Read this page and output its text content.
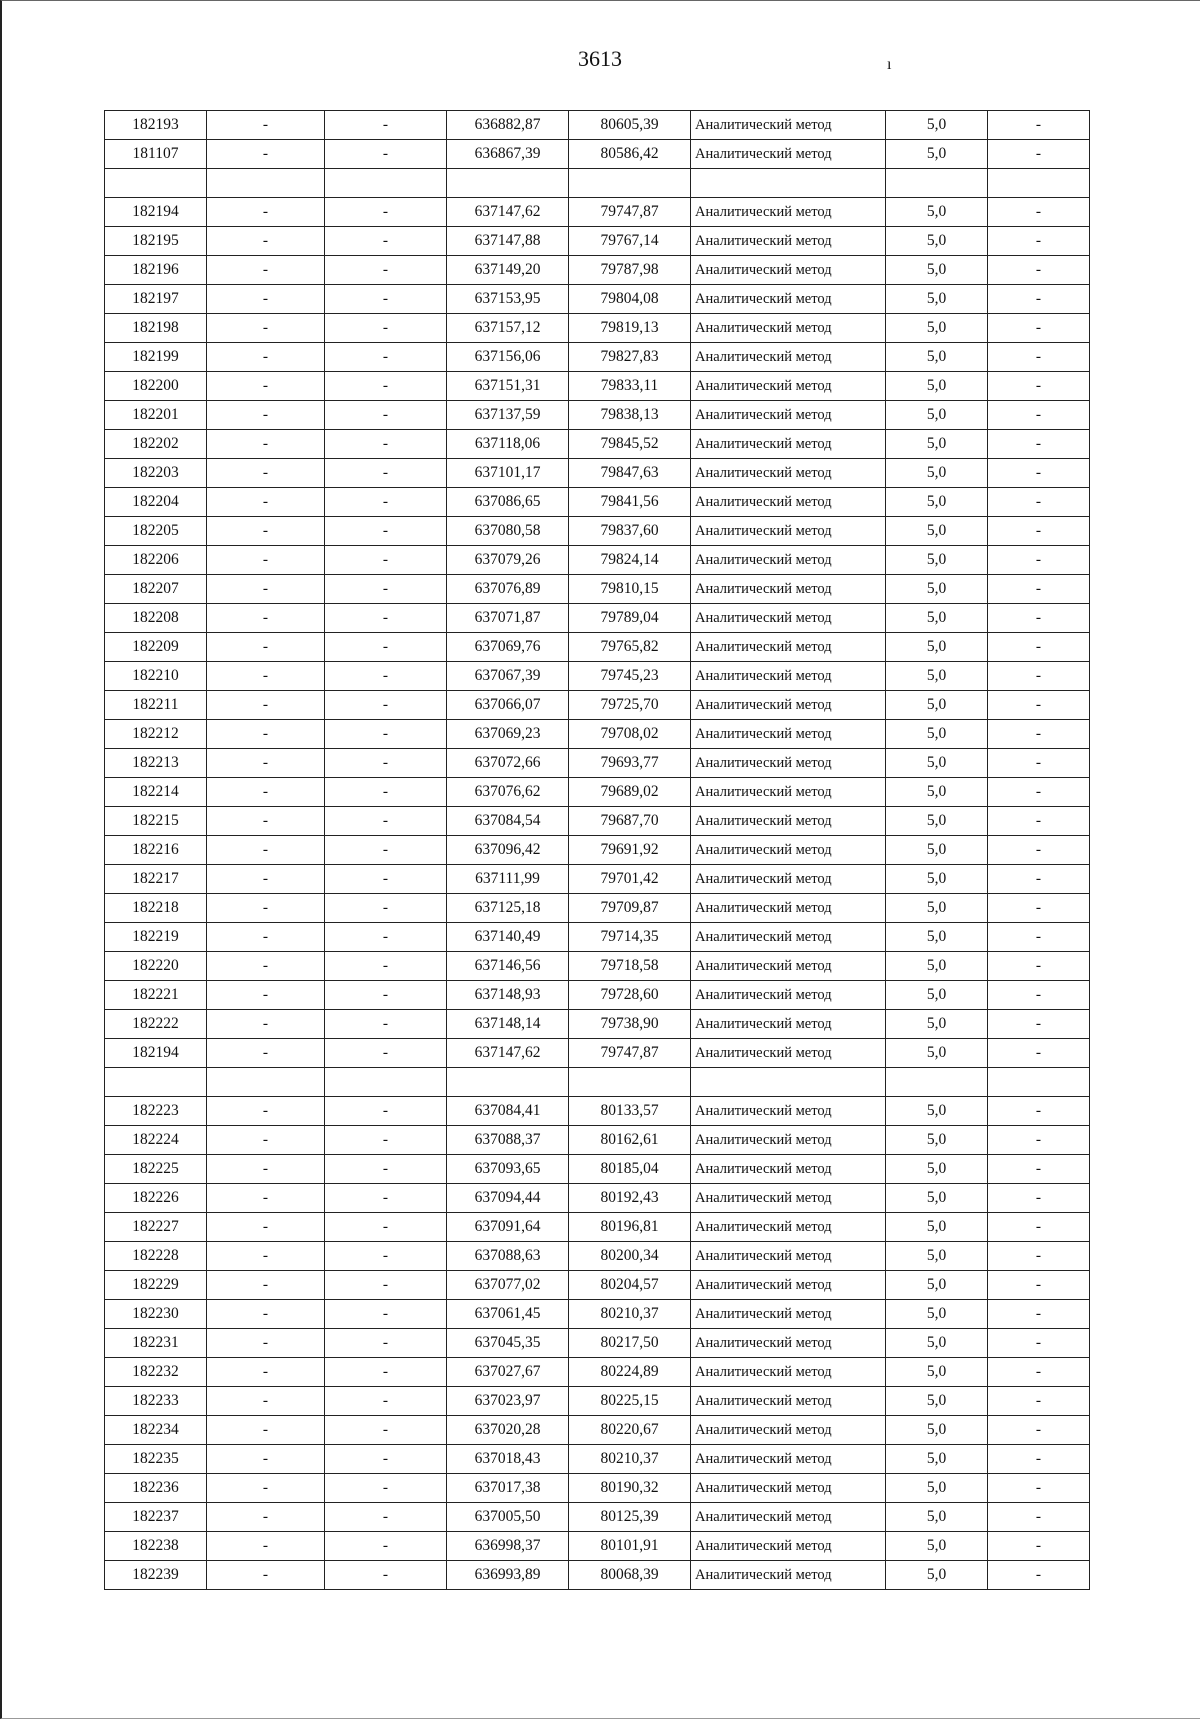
3613	ı
182193	-	-	636882,87	80605,39	Аналитический метод	5,0	-
181107	-	-	636867,39	80586,42	Аналитический метод	5,0	-

182194	-	-	637147,62	79747,87	Аналитический метод	5,0	-
182195	-	-	637147,88	79767,14	Аналитический метод	5,0	-
182196	-	-	637149,20	79787,98	Аналитический метод	5,0	-
182197	-	-	637153,95	79804,08	Аналитический метод	5,0	-
182198	-	-	637157,12	79819,13	Аналитический метод	5,0	-
182199	-	-	637156,06	79827,83	Аналитический метод	5,0	-
182200	-	-	637151,31	79833,11	Аналитический метод	5,0	-
182201	-	-	637137,59	79838,13	Аналитический метод	5,0	-
182202	-	-	637118,06	79845,52	Аналитический метод	5,0	-
182203	-	-	637101,17	79847,63	Аналитический метод	5,0	-
182204	-	-	637086,65	79841,56	Аналитический метод	5,0	-
182205	-	-	637080,58	79837,60	Аналитический метод	5,0	-
182206	-	-	637079,26	79824,14	Аналитический метод	5,0	-
182207	-	-	637076,89	79810,15	Аналитический метод	5,0	-
182208	-	-	637071,87	79789,04	Аналитический метод	5,0	-
182209	-	-	637069,76	79765,82	Аналитический метод	5,0	-
182210	-	-	637067,39	79745,23	Аналитический метод	5,0	-
182211	-	-	637066,07	79725,70	Аналитический метод	5,0	-
182212	-	-	637069,23	79708,02	Аналитический метод	5,0	-
182213	-	-	637072,66	79693,77	Аналитический метод	5,0	-
182214	-	-	637076,62	79689,02	Аналитический метод	5,0	-
182215	-	-	637084,54	79687,70	Аналитический метод	5,0	-
182216	-	-	637096,42	79691,92	Аналитический метод	5,0	-
182217	-	-	637111,99	79701,42	Аналитический метод	5,0	-
182218	-	-	637125,18	79709,87	Аналитический метод	5,0	-
182219	-	-	637140,49	79714,35	Аналитический метод	5,0	-
182220	-	-	637146,56	79718,58	Аналитический метод	5,0	-
182221	-	-	637148,93	79728,60	Аналитический метод	5,0	-
182222	-	-	637148,14	79738,90	Аналитический метод	5,0	-
182194	-	-	637147,62	79747,87	Аналитический метод	5,0	-

182223	-	-	637084,41	80133,57	Аналитический метод	5,0	-
182224	-	-	637088,37	80162,61	Аналитический метод	5,0	-
182225	-	-	637093,65	80185,04	Аналитический метод	5,0	-
182226	-	-	637094,44	80192,43	Аналитический метод	5,0	-
182227	-	-	637091,64	80196,81	Аналитический метод	5,0	-
182228	-	-	637088,63	80200,34	Аналитический метод	5,0	-
182229	-	-	637077,02	80204,57	Аналитический метод	5,0	-
182230	-	-	637061,45	80210,37	Аналитический метод	5,0	-
182231	-	-	637045,35	80217,50	Аналитический метод	5,0	-
182232	-	-	637027,67	80224,89	Аналитический метод	5,0	-
182233	-	-	637023,97	80225,15	Аналитический метод	5,0	-
182234	-	-	637020,28	80220,67	Аналитический метод	5,0	-
182235	-	-	637018,43	80210,37	Аналитический метод	5,0	-
182236	-	-	637017,38	80190,32	Аналитический метод	5,0	-
182237	-	-	637005,50	80125,39	Аналитический метод	5,0	-
182238	-	-	636998,37	80101,91	Аналитический метод	5,0	-
182239	-	-	636993,89	80068,39	Аналитический метод	5,0	-
